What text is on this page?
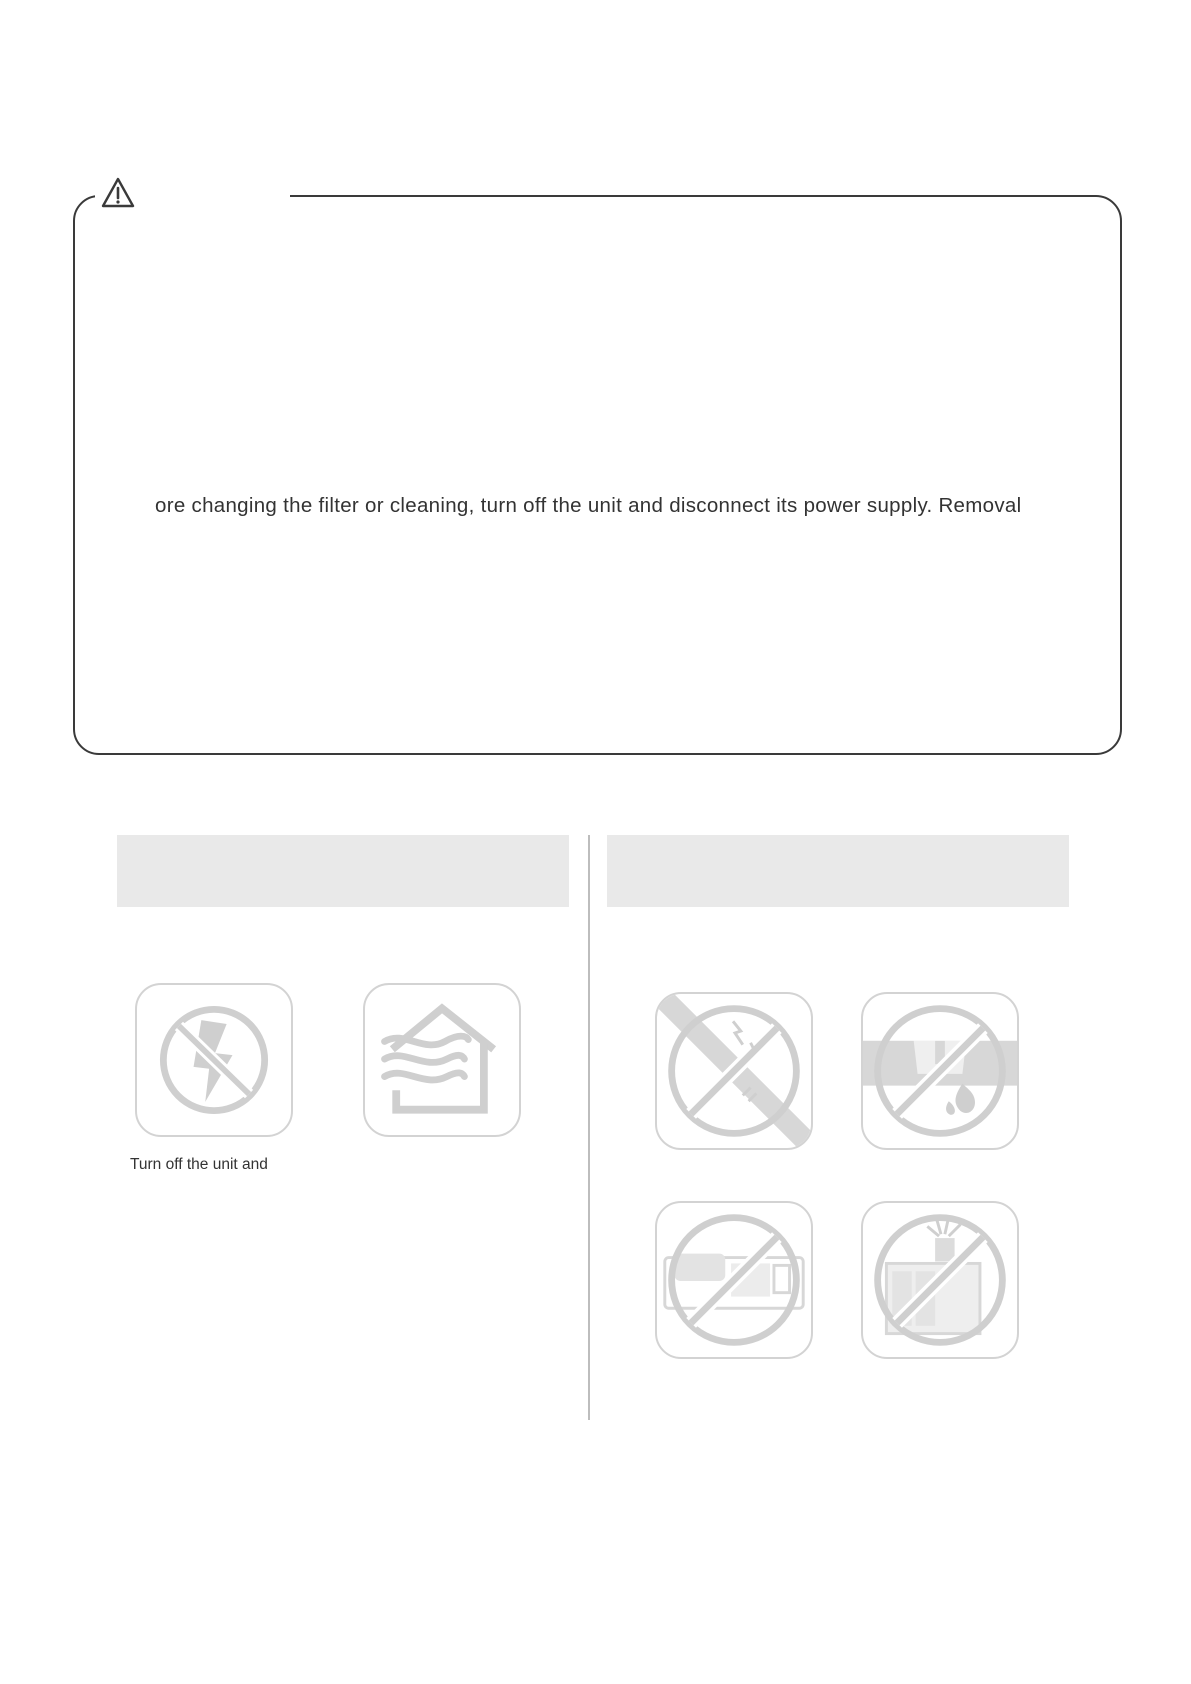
ore changing the filter or cleaning, turn off the unit and disconnect its power supply. Removal
Turn off the unit and
